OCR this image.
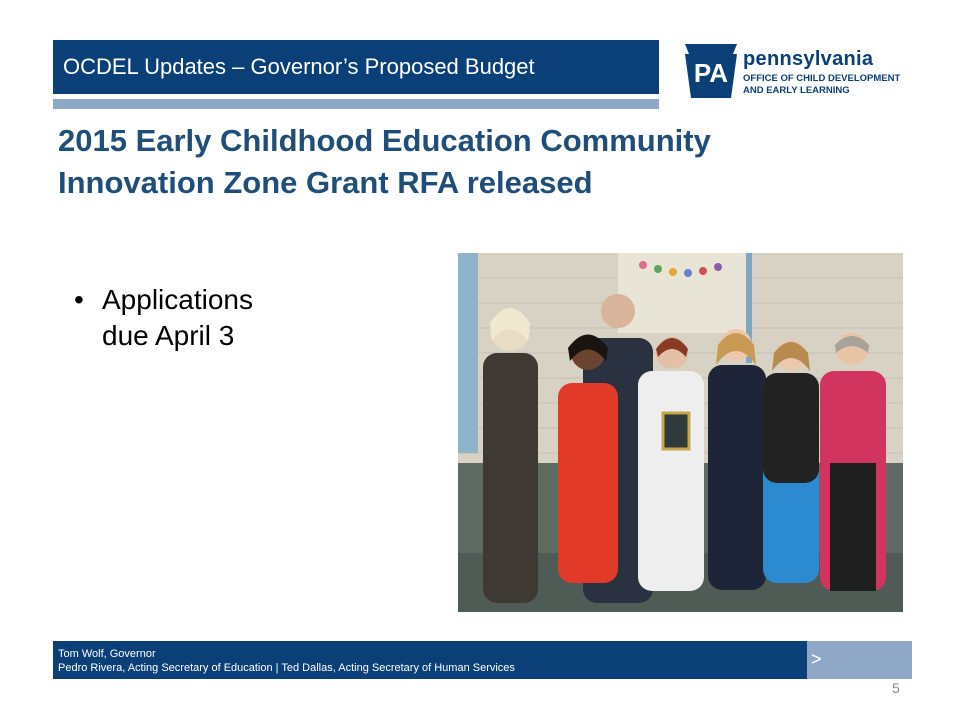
OCDEL Updates – Governor’s Proposed Budget	PA pennsylvania
OFFICE OF CHILD DEVELOPMENT
AND EARLY LEARNING
2015 Early Childhood Education Community
Innovation Zone Grant RFA released
• Applications
due April 3
Tom Wolf, Governor
Pedro Rivera, Acting Secretary of Education | Ted Dallas, Acting Secretary of Human Services	>
5
